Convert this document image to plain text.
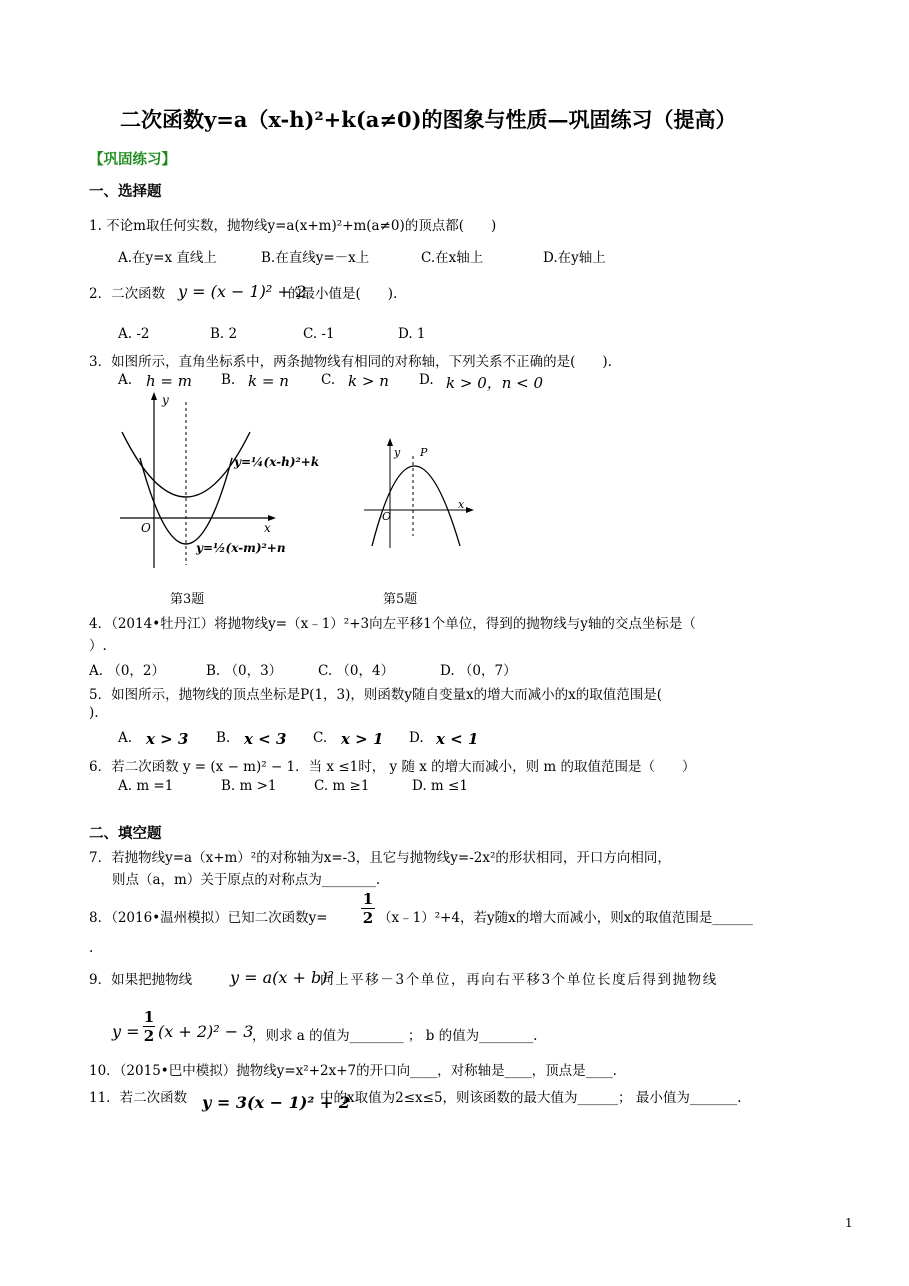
二次函数y=a（x-h)²+k(a≠0)的图象与性质—巩固练习（提高）
【巩固练习】
一、选择题
1. 不论m取任何实数，抛物线y=a(x+m)²+m(a≠0)的顶点都(　　)
A.在y=x 直线上	B.在直线y=－x上	C.在x轴上	D.在y轴上
2．二次函数 y = (x − 1)² + 2
的最小值是(　　).
A. -2	B. 2	C. -1	D. 1
3．如图所示，直角坐标系中，两条抛物线有相同的对称轴，下列关系不正确的是(　　).
A. h = m B. k = n C. k > n D. k > 0，n < 0
y
x
O
y=¼(x-h)²+k
y=½(x-m)²+n
第3题
y P
x
O
第5题
4．（2014•牡丹江）将抛物线y=（x﹣1）²+3向左平移1个单位，得到的抛物线与y轴的交点坐标是（
）.
A. （0，2）	B. （0，3）	C. （0，4）	D. （0，7）
5．如图所示，抛物线的顶点坐标是P(1，3)，则函数y随自变量x的增大而减小的x的取值范围是(
).
A. x > 3 B. x < 3 C. x > 1 D. x < 1
6．若二次函数 y = (x − m)² − 1．当 x ≤1时， y 随 x 的增大而减小，则 m 的取值范围是（　　）
A. m =1	B. m >1	C. m ≥1	D. m ≤1
二、填空题
7．若抛物线y=a（x+m）²的对称轴为x=-3，且它与抛物线y=-2x²的形状相同，开口方向相同，
则点（a，m）关于原点的对称点为________.
8．（2016•温州模拟）已知二次函数$y= \frac{1}{2}$ （x﹣1）²+4，若y随x的增大而减小，则x的取值范围是______
.
9．如果把抛物线 y = a(x + b)²
向上平移－3个单位，再向右平移3个单位长度后得到抛物线
$y = \frac{1}{2} (x + 2)^2 - 3$
，则求 a 的值为________ ； b 的值为________.
10．（2015•巴中模拟）抛物线y=x²+2x+7的开口向____，对称轴是____，顶点是____.
11．若二次函数 y = 3(x − 1)² + 2
中的x取值为2≤x≤5，则该函数的最大值为______； 最小值为_______.
1
